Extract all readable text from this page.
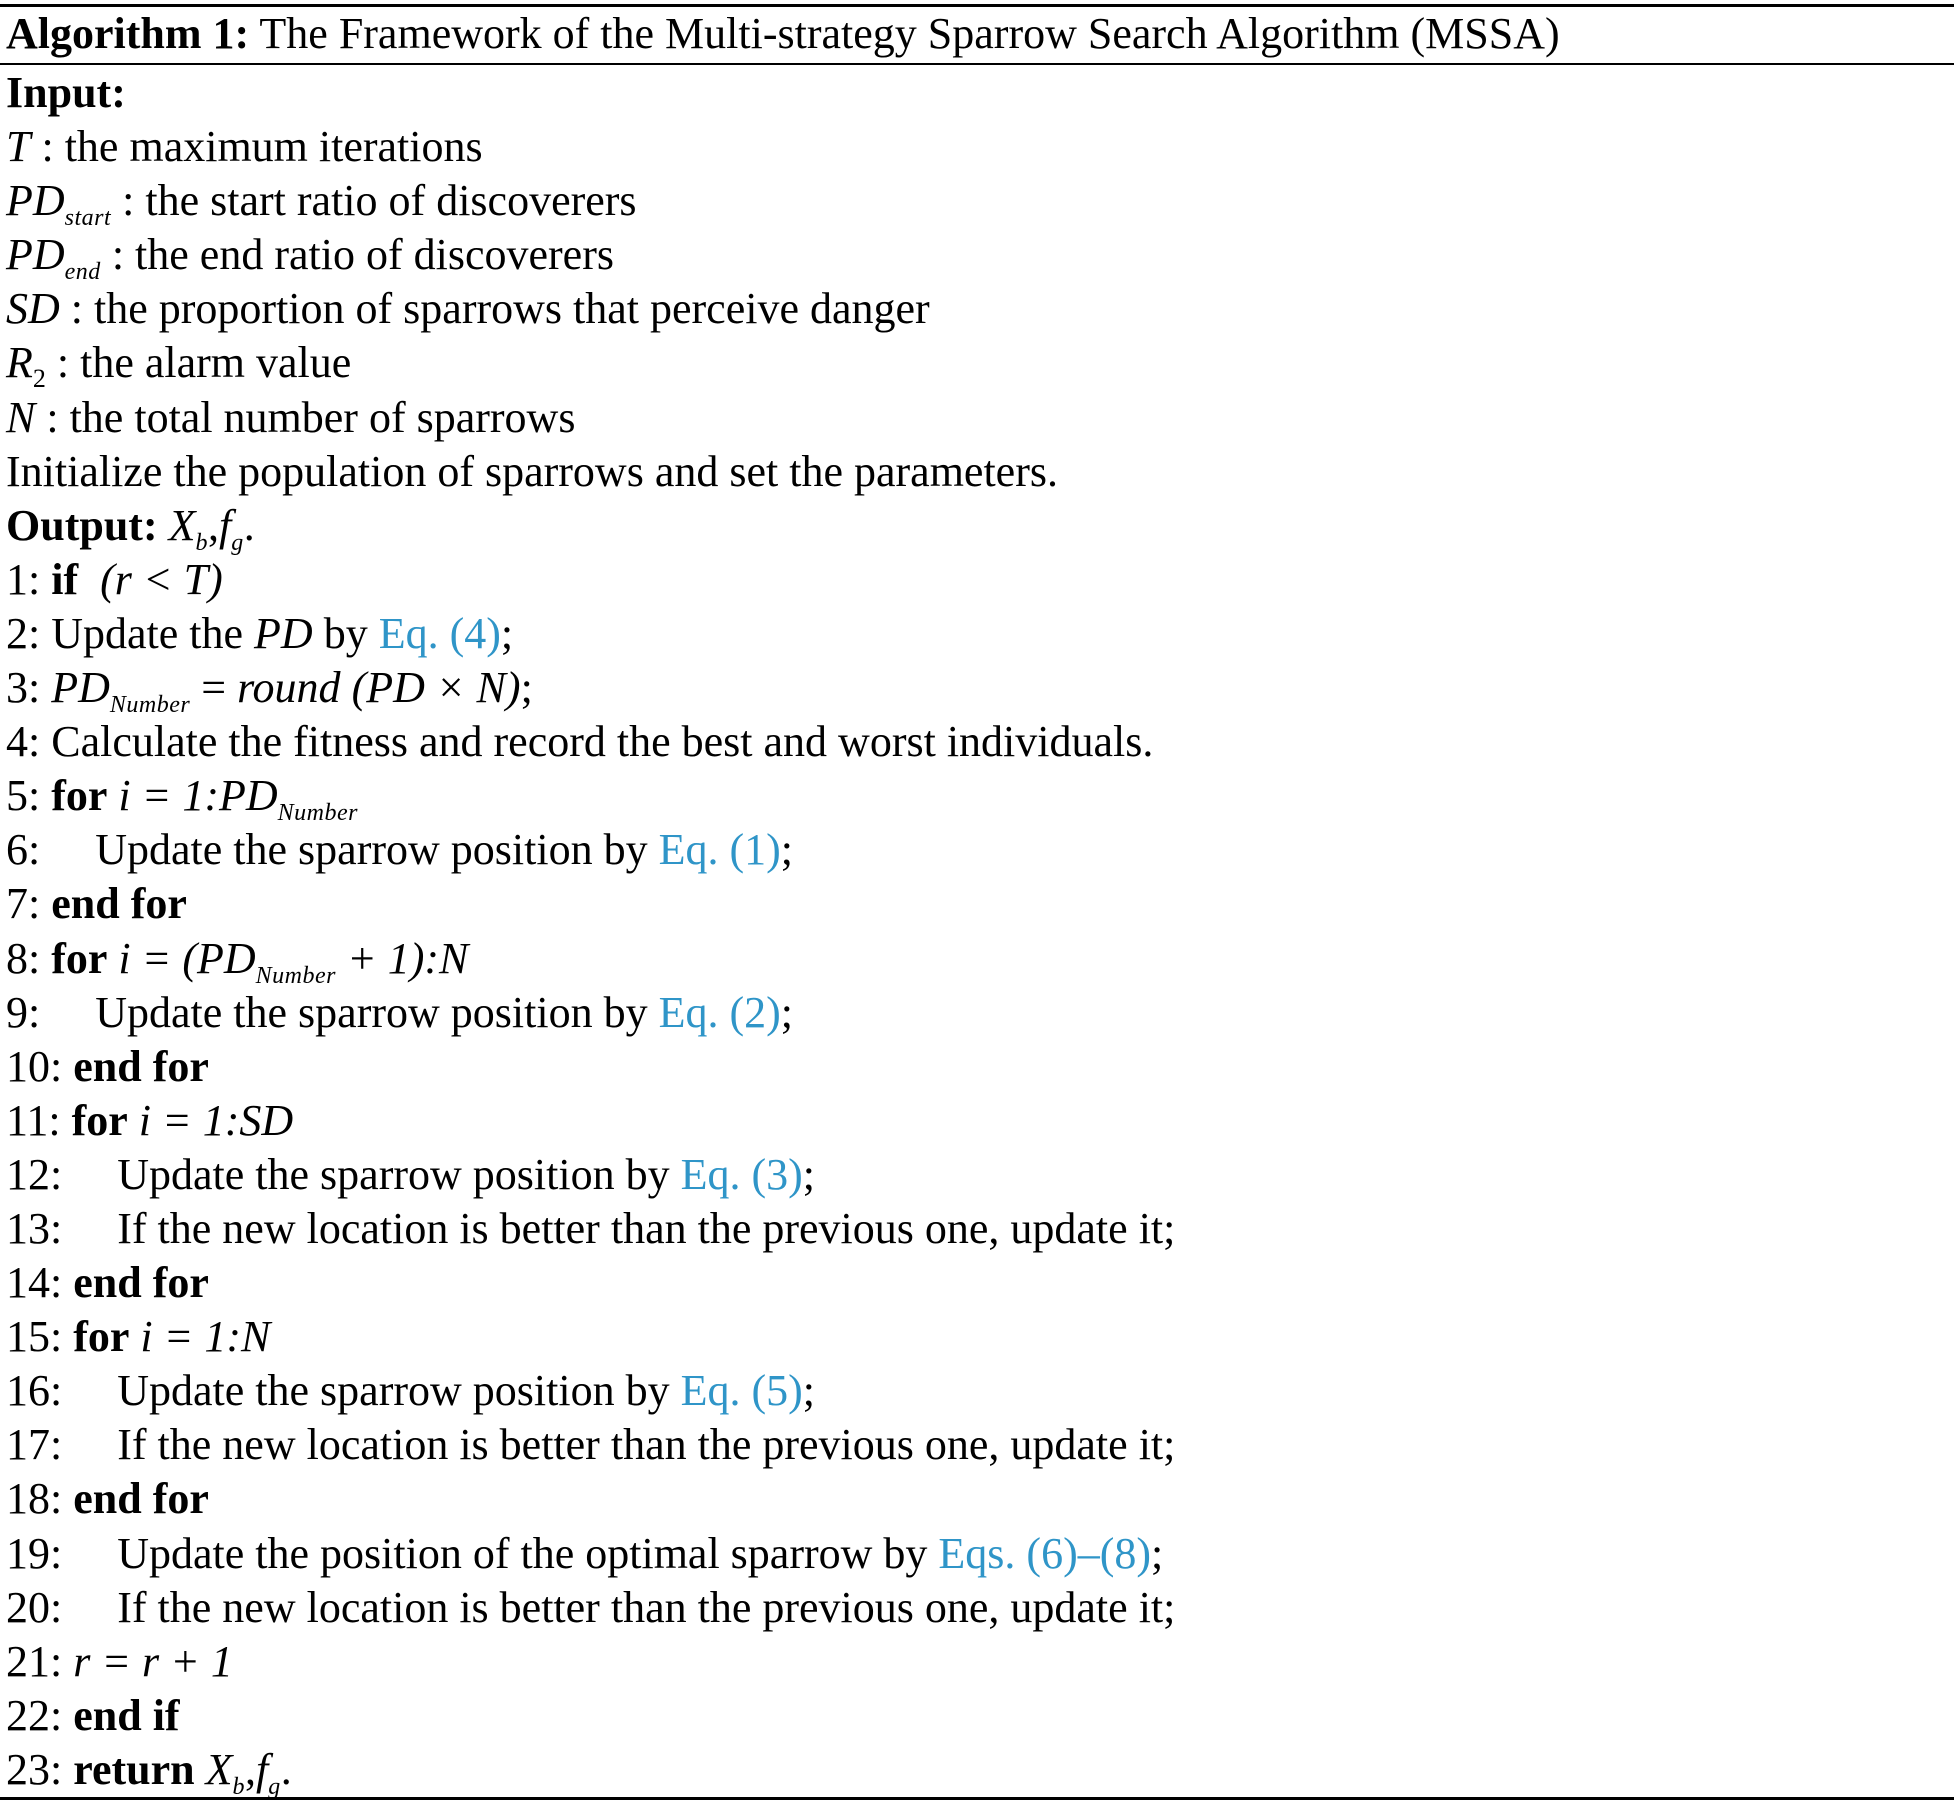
Algorithm 1: The Framework of the Multi-strategy Sparrow Search Algorithm (MSSA)
Input:
T : the maximum iterations
$PD_{start}$ : the start ratio of discoverers
$PD_{end}$ : the end ratio of discoverers
SD : the proportion of sparrows that perceive danger
$R_2$ : the alarm value
N : the total number of sparrows
Initialize the population of sparrows and set the parameters.
Output: $X_b,f_g$.
1: if (r < T)
2: Update the PD by Eq. (4);
3: $PD_{Number}$ = round (PD × N);
4: Calculate the fitness and record the best and worst individuals.
5: for $i = 1:PD_{Number}$
6: Update the sparrow position by Eq. (1);
7: end for
8: for $i = (PD_{Number}$ + 1):N
9: Update the sparrow position by Eq. (2);
10: end for
11: for i = 1:SD
12: Update the sparrow position by Eq. (3);
13: If the new location is better than the previous one, update it;
14: end for
15: for i = 1:N
16: Update the sparrow position by Eq. (5);
17: If the new location is better than the previous one, update it;
18: end for
19: Update the position of the optimal sparrow by Eqs. (6)–(8);
20: If the new location is better than the previous one, update it;
21: r = r + 1
22: end if
23: return $X_b,f_g$.
